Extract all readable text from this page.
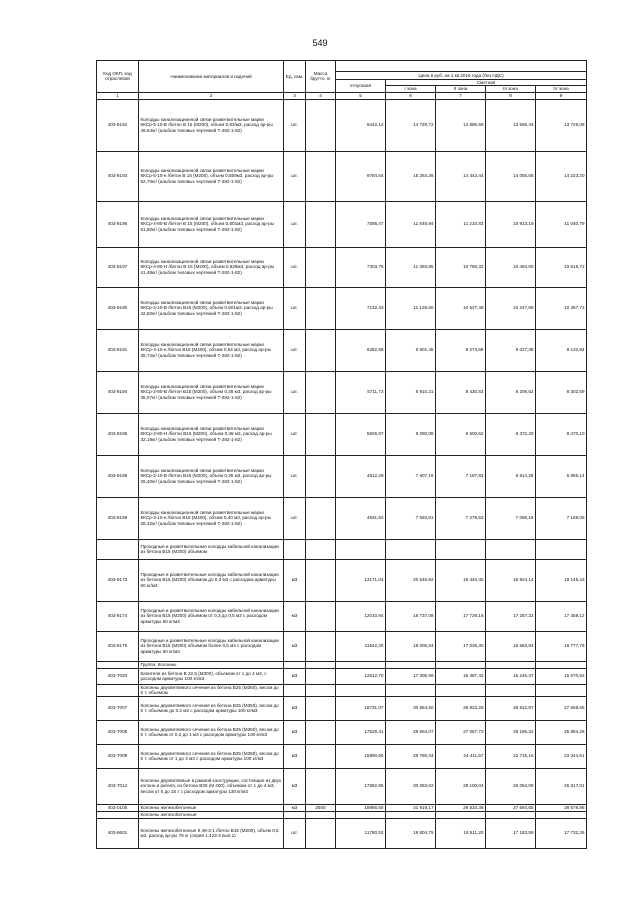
549
Код ОКП, код отраслевой	Наименование материалов и изделий	Ед. изм.	Масса брутто, кг					
				Цена в руб. на 1 кв 2016 года (без НДС)				
				отпускная	Сметная			
					I зона	II зона	III зона	IV зона
1	2	3	4	5	6	7	8	9
403-8192	Колодцы канализационной связи разветвительные марки ККСр-5-10-В /бетон В 15 (М200), объем 0,63/м3, расход ар-ры 49,64кг/ (альбом типовых чертежей Т-282-1-82)	шт.		9442,12	14 729,72	13 896,58	13 565,44	13 725,08
403-8193	Колодцы канализационной связи разветвительные марки ККСр-5-10-н /бетон В 15 (М200), объем 0,659м3, расход ар-ры 52,70кг/ (альбом типовых чертежей Т-282-1-82)	шт.		9784,64	15 264,36	14 442,44	14 055,66	14 223,20
403-8195	Колодцы канализационной связи разветвительные марки ККСр-4-80-В /бетон В 15 (М200), объем 0,601м3, расход ар-ры 51,60кг/ (альбом типовых чертежей Т-282-1-82)	шт.		7595,47	11 848,94	11 210,83	10 913,19	11 040,79
403-8197	Колодцы канализационной связи разветвительные марки ККСр-4-80-Н /бетон В 15 (М200), объем 0,628м3, расход ар-ры 41,48кг/ (альбом типовых чертежей Т-282-1-82)	шт.		7303,75	11 393,85	10 780,32	10 494,00	10 616,72
403-8190	Колодцы канализационной связи разветвительные марки ККСр-4-10-В /бетон В15 (М200), объем 0,601м3, расход ар-ры 42,50кг/ (альбом типовых чертежей Т-282-1-82)	шт.		7132,43	11 126,60	10 527,48	10 247,88	10 367,72
403-8191	Колодцы канализационной связи разветвительные марки ККСр-4-10-н /бетон В15 (М200), объем 0,64 м3, расход ар-ры 35,72кг/ (альбом типовых чертежей Т-282-1-82)	шт.		6282,98	9 801,45	9 273,68	9 027,38	9 132,84
403-8194	Колодцы канализационной связи разветвительные марки ККСр-3-80-В /бетон В15 (М200), объем 0,45 м3, расход ар-ры 35,07кг/ (альбом типовых чертежей Т-282-1-82)	шт.		5711,73	8 910,31	8 430,53	8 206,62	8 302,59
403-8195	Колодцы канализационной связи разветвительные марки ККСр-3-80-Н /бетон В15 (М200), объем 0,48 м3, расход ар-ры 32,19кг/ (альбом типовых чертежей Т-282-1-82)	шт.		5826,97	9 090,09	8 600,62	8 372,20	8 470,10
403-8198	Колодцы канализационной связи разветвительные марки ККСр-3-10-В /бетон В15 (М200), объем 0,35 м3, расход ар-ры 29,40кг/ (альбом типовых чертежей Т-282-1-82)	шт.		4912,28	7 607,16	7 197,93	6 914,28	6 995,14
403-8199	Колодцы канализационной связи разветвительные марки ККСр-3-10-н /бетон В15 (М200), объем 0,40 м3, расход ар-ры 28,32кг/ (альбом типовых чертежей Т-282-1-82)	шт.		4931,92	7 593,81	7 279,53	7 086,19	7 169,05
	Проходные и разветвительные колодцы кабельной канализации из бетона В15 (М200) объемом							
403-8173	Проходные и разветвительные колодцы кабельной канализации из бетона В15 (М200) объемом до 0,3 м3 с расходом арматуры 60 кг/м3	м3		13171,03	20 546,82	19 440,45	18 924,14	19 145,43
403-8174	Проходные и разветвительные колодцы кабельной канализации из бетона В15 (М200) объемом от 0,3 до 0,5 м3 с расходом арматуры 60 кг/м3	м3		12010,94	18 737,08	17 728,16	17 257,32	17 459,12
403-8175	Проходные и разветвительные колодцы кабельной канализации из бетона В15 (М200) объемом более 0,5 м3 с расходом арматуры 60 кг/м3	м3		11542,20	18 005,84	17 036,30	16 583,84	16 777,76
	Группа: Колонны							
403-7020	Капители из бетона В 22,5 (М300), объемом от 1 до 4 м3, с расходом арматуры 100 кг/м3	м3		12612,70	17 305,98	16 387,42	15 245,37	15 670,92
	Колонны двухветвевого сечения из бетона В25 (М350), весом до 5 т, объемом							
403-7007	Колонны двухветвевого сечения из бетона В25 (М350), весом до 5 т, объемом до 0,2 м3 с расходом арматуры 100 кг/м3	м3		18731,07	30 564,50	28 923,28	26 912,87	27 658,65
403-7008	Колонны двухветвевого сечения из бетона В25 (М350), весом до 5 т, объемом от 0,2 до 1 м3 с расходом арматуры 100 кг/м3	м3		17529,41	28 594,07	27 067,73	25 186,32	25 884,28
403-7009	Колонны двухветвевого сечения из бетона В25 (М350), весом до 5 т, объемом от 1 до 4 м3 с расходом арматуры 100 кг/м3	м3		15890,50	25 780,34	24 411,57	22 715,15	23 344,61
403-7012	Колонны двухветвевые в рамной конструкции, состоящие из двух колонн и ригеля, из бетона В30 (М 400), объемом от 1 до 4 м3, весом от 5 до 15 т с расходом арматуры 130 кг/м3	м3		17862,86	30 063,62	28 100,04	26 084,09	26 917,01
403-0105	Колонны железобетонные	м3	2500	18986,60	31 919,17	29 834,36	27 694,65	28 578,98
	Колонны железобетонные:							
403-8601	Колонны железобетонные К 48-3-1 /бетон В15 (М200), объем 0,5 м3, расход ар-ры 78 кг (серия 1.423-3 вып.1)	шт.		11780,53	19 804,75	18 511,20	17 183,59	17 732,26
